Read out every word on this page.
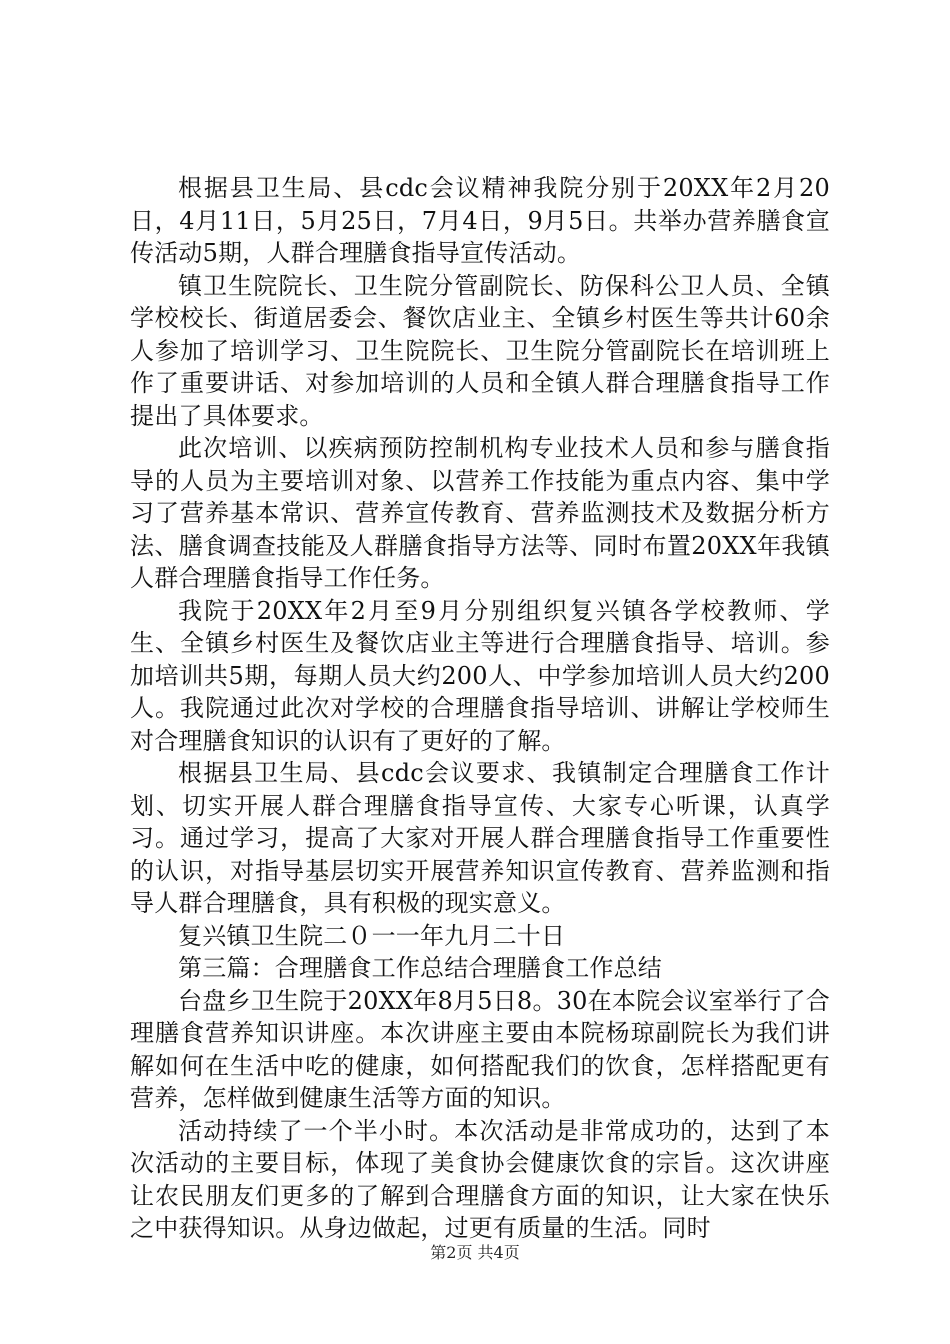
根据县卫生局、县cdc会议精神我院分别于20XX年2月20日，4月11日，5月25日，7月4日，9月5日。共举办营养膳食宣传活动5期，人群合理膳食指导宣传活动。

镇卫生院院长、卫生院分管副院长、防保科公卫人员、全镇学校校长、街道居委会、餐饮店业主、全镇乡村医生等共计60余人参加了培训学习、卫生院院长、卫生院分管副院长在培训班上作了重要讲话、对参加培训的人员和全镇人群合理膳食指导工作提出了具体要求。

此次培训、以疾病预防控制机构专业技术人员和参与膳食指导的人员为主要培训对象、以营养工作技能为重点内容、集中学习了营养基本常识、营养宣传教育、营养监测技术及数据分析方法、膳食调查技能及人群膳食指导方法等、同时布置20XX年我镇人群合理膳食指导工作任务。

我院于20XX年2月至9月分别组织复兴镇各学校教师、学生、全镇乡村医生及餐饮店业主等进行合理膳食指导、培训。参加培训共5期，每期人员大约200人、中学参加培训人员大约200人。我院通过此次对学校的合理膳食指导培训、讲解让学校师生对合理膳食知识的认识有了更好的了解。

根据县卫生局、县cdc会议要求、我镇制定合理膳食工作计划、切实开展人群合理膳食指导宣传、大家专心听课，认真学习。通过学习，提高了大家对开展人群合理膳食指导工作重要性的认识，对指导基层切实开展营养知识宣传教育、营养监测和指导人群合理膳食，具有积极的现实意义。

复兴镇卫生院二０一一年九月二十日

第三篇：合理膳食工作总结合理膳食工作总结

台盘乡卫生院于20XX年8月5日8。30在本院会议室举行了合理膳食营养知识讲座。本次讲座主要由本院杨琼副院长为我们讲解如何在生活中吃的健康，如何搭配我们的饮食，怎样搭配更有营养，怎样做到健康生活等方面的知识。

活动持续了一个半小时。本次活动是非常成功的，达到了本次活动的主要目标，体现了美食协会健康饮食的宗旨。这次讲座让农民朋友们更多的了解到合理膳食方面的知识，让大家在快乐之中获得知识。从身边做起，过更有质量的生活。同时

第2页 共4页
